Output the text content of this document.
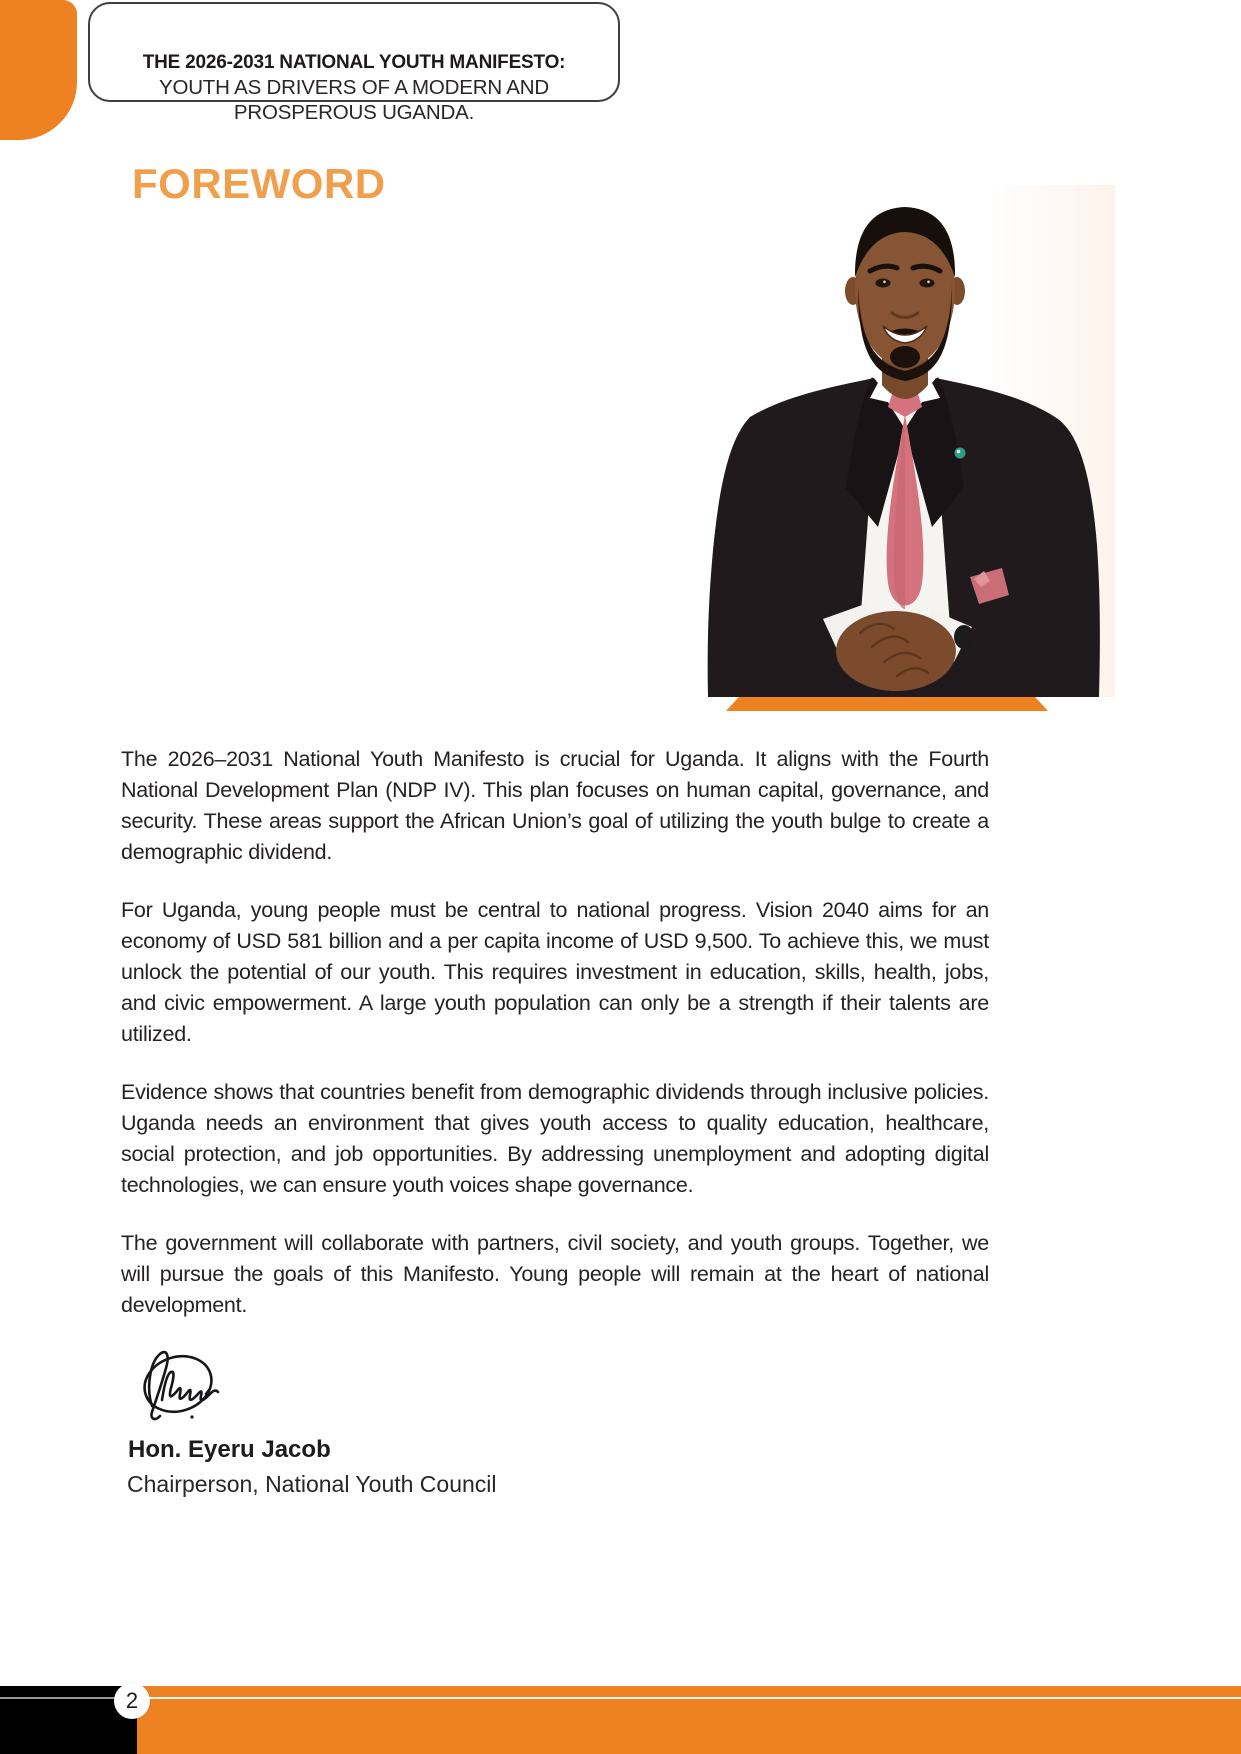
THE 2026-2031 NATIONAL YOUTH MANIFESTO:
YOUTH AS DRIVERS OF A MODERN AND PROSPEROUS UGANDA.
FOREWORD

The 2026–2031 National Youth Manifesto is crucial for Uganda. It aligns with the Fourth National Development Plan (NDP IV). This plan focuses on human capital, governance, and security. These areas support the African Union’s goal of utilizing the youth bulge to create a demographic dividend.

For Uganda, young people must be central to national progress. Vision 2040 aims for an economy of USD 581 billion and a per capita income of USD 9,500. To achieve this, we must unlock the potential of our youth. This requires investment in education, skills, health, jobs, and civic empowerment. A large youth population can only be a strength if their talents are utilized.

Evidence shows that countries benefit from demographic dividends through inclusive policies. Uganda needs an environment that gives youth access to quality education, healthcare, social protection, and job opportunities. By addressing unemployment and adopting digital technologies, we can ensure youth voices shape governance.

The government will collaborate with partners, civil society, and youth groups. Together, we will pursue the goals of this Manifesto. Young people will remain at the heart of national development.

Hon. Eyeru Jacob
Chairperson, National Youth Council
2
